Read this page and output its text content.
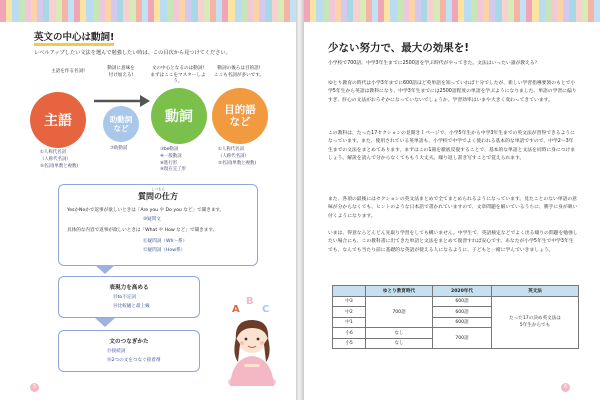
英文の中心は動詞!
レベルアップしたい文法を選んで勉強したい時は、この目次から見つけてください。
主語を作る名詞!
動詞に意味を
付け加える!
文の中心となるのは動詞!
まずはここをマスターしよう。
動詞の後ろは目的語!
ここも名詞が多いです。
主語	助動詞
など
動詞	目的語
など
①人称代名詞
（人称代名詞）
⑤名詞(単数と複数)
⑦助動詞	③be動詞
④一般動詞
⑧進行形
⑨現在完了形
①人称代名詞
（人称代名詞）
⑤名詞(単数と複数)
しつもん
質問の仕方
YesかNoかで返事が欲しいときは「Are you や Do you など」で聞きます。
⑩疑問文
具体的な内容で返事が欲しいときは「What や How など」で聞きます。
⑪疑問詞（Wh〜系）
⑫疑問詞（How系）
表現力を高める
⑬to不定詞
⑭比較級と最上級
文のつなぎかた
⑮接続詞
⑯2つの文をつなぐ接着剤
A
B
C
5
少ない努力で、最大の効果を!
小学校で700語、中学3年生までに2500語を学ぶ時代がやってきた。文法はいったい誰が教える？
ゆとり教育の時代は小学3年までに600語ほど英単語を知っていれば十分でしたが、新しい学習指導要領のもとで小学5年生から英語は教科になり、中学3年生までには2500語程度の単語を学ぶようになりました。単語の学習に偏りすぎ、肝心の文法がおろそかになっていないでしょうか。学習効率はいまや大きく変わってきています。
この教科は、たった17セクションの見開き１ページで、小学5年生から中学3年生までの英文法が習得できるようになっています。また、使用されている英単語も、小学校で中学でよく使われる基本的な単語ですので、中学2〜3年生までの文法をまとめてあります。まずはこの1冊を徹底反復することで、基本的な単語と文法を同時に身につけましょう。解説を読んで分からなくてももう大丈夫。繰り返し書き写すことで覚えられます。
また、各項の最後にはセクションの英文法まとめで全てまとめられるようになっています。見たことのない単語の意味が分からなくても、ヒントのような日本語で書かれていますので、文章問題を解いているうちに、勝手に身が吸い付くようになります。
いまは、得意ならどんどん先取り学習をしても構いません。中学生で、英語検定などでよく出る綴りの問題を勉強したい場合にも、この教科書に出てきた単語と文法をまとめて復習すれば安心です。あなたが小学5年生で中学3年生でも、なんでも当たり前に基礎的な英語が使える人になるように、子どもと一緒に学んでいきましょう。
	ゆとり教育時代	2020年代	英文法
中3	700語	600語	たった17の決め英文法は
5年生からでも
中2		600語	
中1		600語	
小6	なし	700語	
小5	なし		
6
